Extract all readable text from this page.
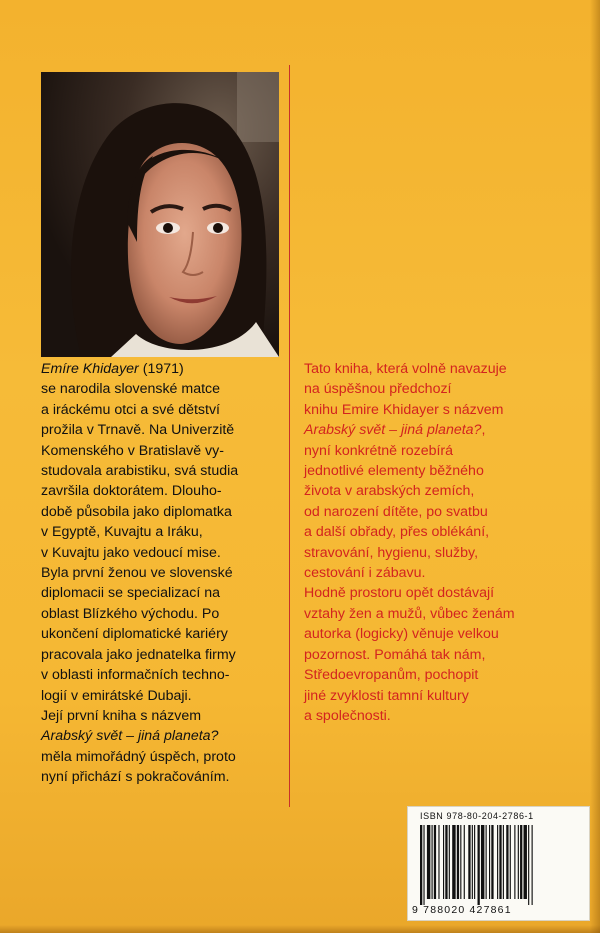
Emíre Khidayer (1971)

se narodila slovenské matce

a iráckému otci a své dětství

prožila v Trnavě. Na Univerzitě

Komenského v Bratislavě vy-

studovala arabistiku, svá studia

završila doktorátem. Dlouho-

době působila jako diplomatka

v Egyptě, Kuvajtu a Iráku,

v Kuvajtu jako vedoucí mise.

Byla první ženou ve slovenské

diplomacii se specializací na

oblast Blízkého východu. Po

ukončení diplomatické kariéry

pracovala jako jednatelka firmy

v oblasti informačních techno-

logií v emirátské Dubaji.

Její první kniha s názvem

Arabský svět – jiná planeta?

měla mimořádný úspěch, proto

nyní přichází s pokračováním.

Tato kniha, která volně navazuje

na úspěšnou předchozí

knihu Emire Khidayer s názvem

Arabský svět – jiná planeta?,

nyní konkrétně rozebírá

jednotlivé elementy běžného

života v arabských zemích,

od narození dítěte, po svatbu

a další obřady, přes oblékání,

stravování, hygienu, služby,

cestování i zábavu.

Hodně prostoru opět dostávají

vztahy žen a mužů, vůbec ženám

autorka (logicky) věnuje velkou

pozornost. Pomáhá tak nám,

Středoevropanům, pochopit

jiné zvyklosti tamní kultury

a společnosti.

ISBN 978-80-204-2786-1
9 788020 427861
